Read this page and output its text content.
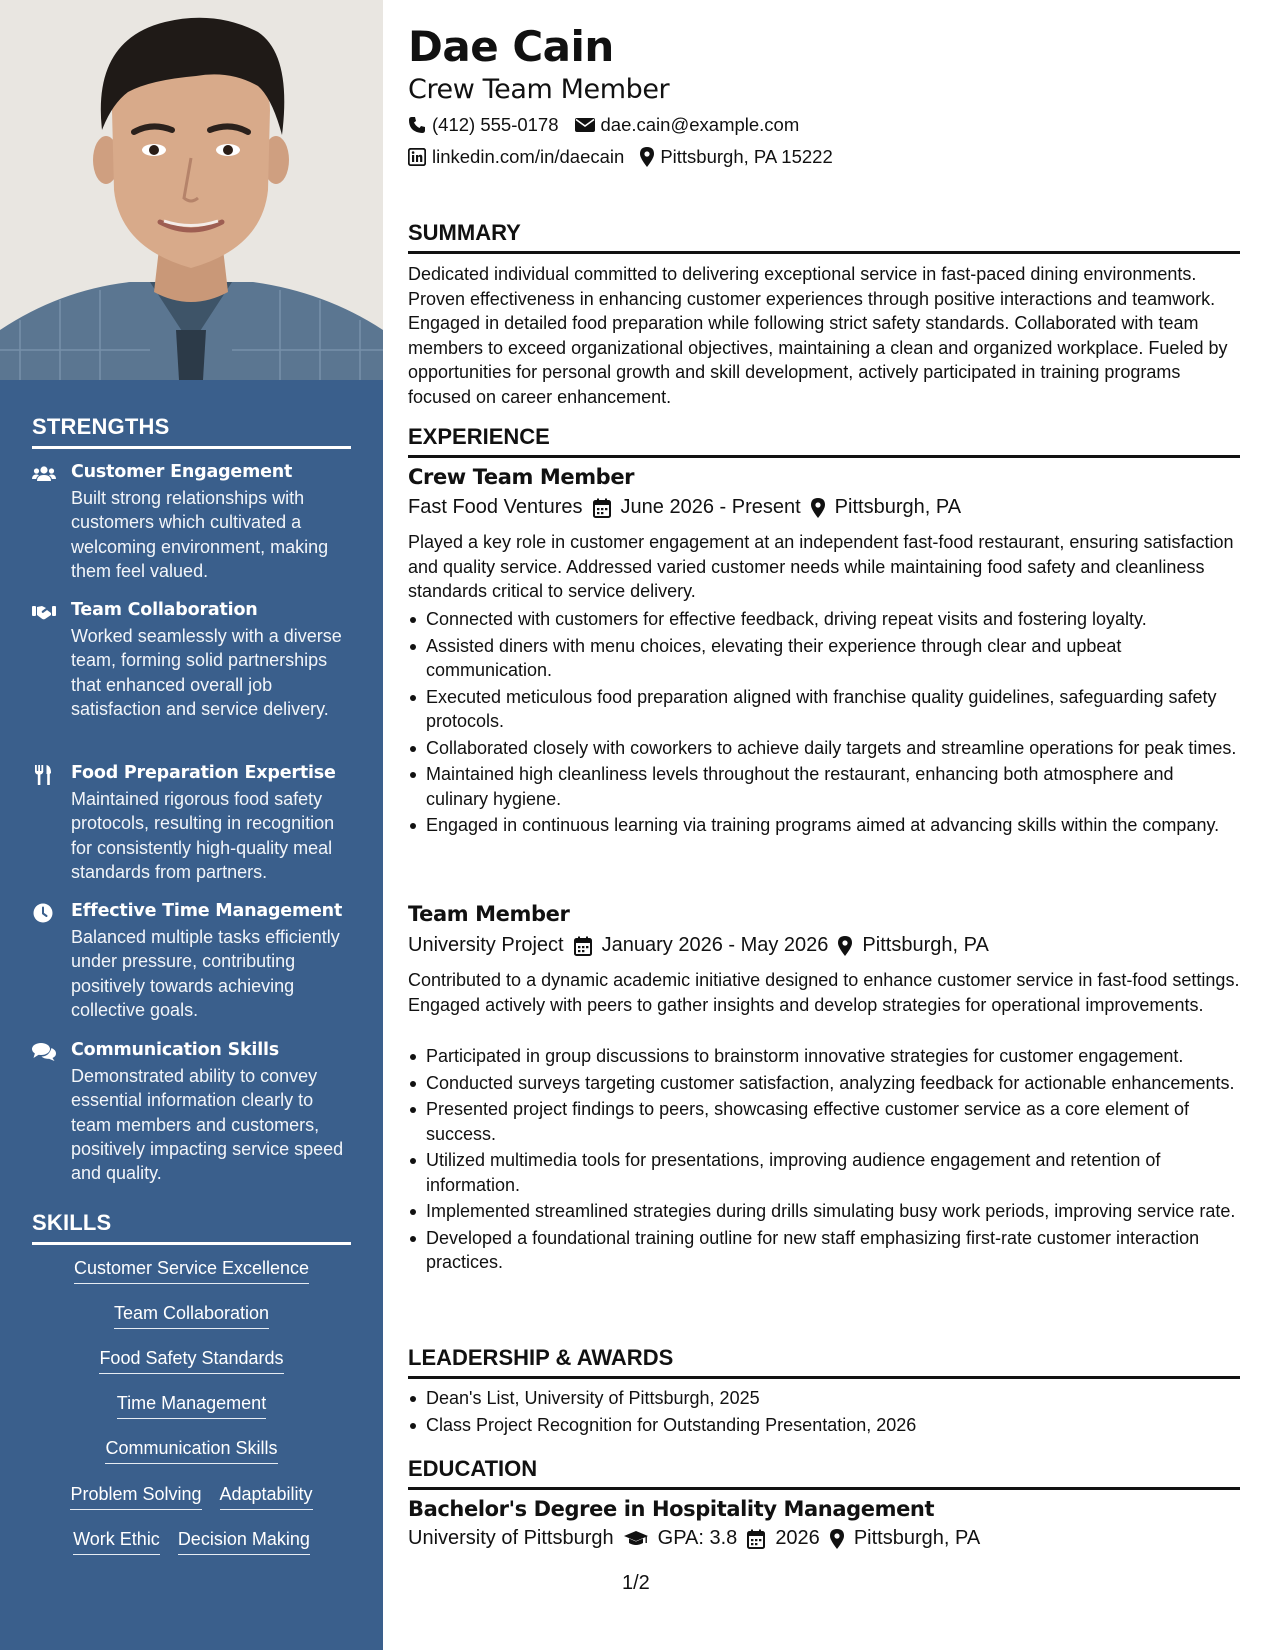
STRENGTHS
Customer Engagement
Built strong relationships with customers which cultivated a welcoming environment, making them feel valued.
Team Collaboration
Worked seamlessly with a diverse team, forming solid partnerships that enhanced overall job satisfaction and service delivery.
Food Preparation Expertise
Maintained rigorous food safety protocols, resulting in recognition for consistently high-quality meal standards from partners.
Effective Time Management
Balanced multiple tasks efficiently under pressure, contributing positively towards achieving collective goals.
Communication Skills
Demonstrated ability to convey essential information clearly to team members and customers, positively impacting service speed and quality.
SKILLS
Customer Service Excellence
Team Collaboration
Food Safety Standards
Time Management
Communication Skills
Problem Solving Adaptability
Work Ethic Decision Making
Dae Cain
Crew Team Member
(412) 555-0178 dae.cain@example.com
linkedin.com/in/daecain Pittsburgh, PA 15222
SUMMARY
Dedicated individual committed to delivering exceptional service in fast-paced dining environments. Proven effectiveness in enhancing customer experiences through positive interactions and teamwork. Engaged in detailed food preparation while following strict safety standards. Collaborated with team members to exceed organizational objectives, maintaining a clean and organized workplace. Fueled by opportunities for personal growth and skill development, actively participated in training programs focused on career enhancement.
EXPERIENCE
Crew Team Member
Fast Food Ventures June 2026 - Present Pittsburgh, PA
Played a key role in customer engagement at an independent fast-food restaurant, ensuring satisfaction and quality service. Addressed varied customer needs while maintaining food safety and cleanliness standards critical to service delivery.
Connected with customers for effective feedback, driving repeat visits and fostering loyalty.
Assisted diners with menu choices, elevating their experience through clear and upbeat communication.
Executed meticulous food preparation aligned with franchise quality guidelines, safeguarding safety protocols.
Collaborated closely with coworkers to achieve daily targets and streamline operations for peak times.
Maintained high cleanliness levels throughout the restaurant, enhancing both atmosphere and culinary hygiene.
Engaged in continuous learning via training programs aimed at advancing skills within the company.
Team Member
University Project January 2026 - May 2026 Pittsburgh, PA
Contributed to a dynamic academic initiative designed to enhance customer service in fast-food settings. Engaged actively with peers to gather insights and develop strategies for operational improvements.
Participated in group discussions to brainstorm innovative strategies for customer engagement.
Conducted surveys targeting customer satisfaction, analyzing feedback for actionable enhancements.
Presented project findings to peers, showcasing effective customer service as a core element of success.
Utilized multimedia tools for presentations, improving audience engagement and retention of information.
Implemented streamlined strategies during drills simulating busy work periods, improving service rate.
Developed a foundational training outline for new staff emphasizing first-rate customer interaction practices.
LEADERSHIP & AWARDS
Dean's List, University of Pittsburgh, 2025
Class Project Recognition for Outstanding Presentation, 2026
EDUCATION
Bachelor's Degree in Hospitality Management
University of Pittsburgh GPA: 3.8 2026 Pittsburgh, PA
1/2
